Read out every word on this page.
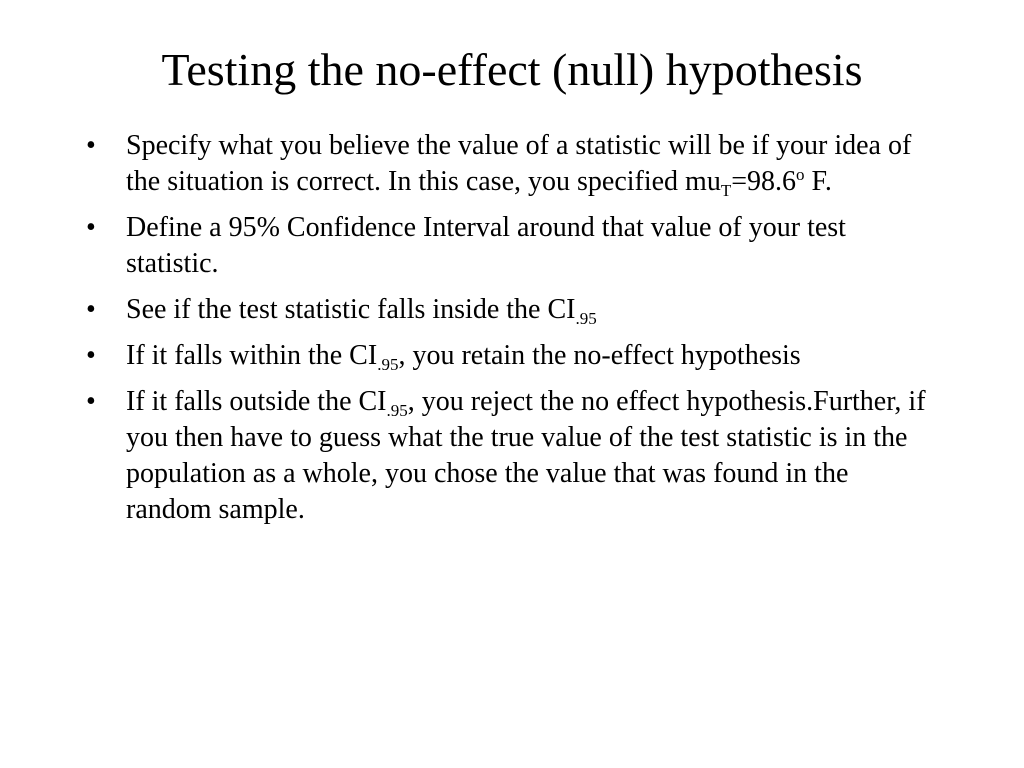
Testing the no-effect (null) hypothesis
•	Specify what you believe the value of a statistic will be if your idea of the situation is correct. In this case, you specified $mu_T=98.6^o$ F.
•	Define a 95% Confidence Interval around that value of your test statistic.
•	See if the test statistic falls inside the $CI_{.95}$
•	If it falls within the $CI_{.95}$, you retain the no-effect hypothesis
•	If it falls outside the $CI_{.95}$, you reject the no effect hypothesis.Further, if you then have to guess what the true value of the test statistic is in the population as a whole, you chose the value that was found in the random sample.
